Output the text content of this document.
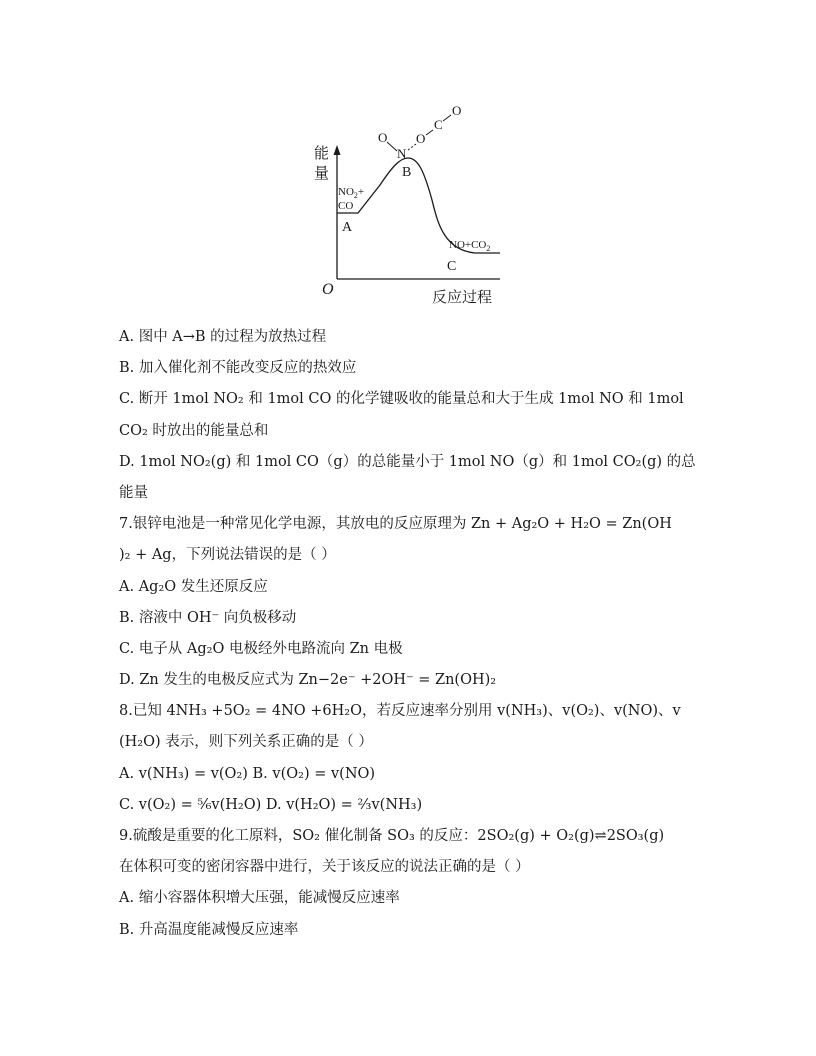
能
量
反应过程
O
$NO_2+$
CO
A
B
O
N
O
C
O
$NO+CO_2$
C
A. 图中 A→B 的过程为放热过程
B. 加入催化剂不能改变反应的热效应
C. 断开 1mol NO₂ 和 1mol CO 的化学键吸收的能量总和大于生成 1mol NO 和 1mol
CO₂ 时放出的能量总和
D. 1mol NO₂(g) 和 1mol CO（g）的总能量小于 1mol NO（g）和 1mol CO₂(g) 的总
能量
7.银锌电池是一种常见化学电源，其放电的反应原理为 Zn + Ag₂O + H₂O = Zn(OH
)₂ + Ag，下列说法错误的是（ ）
A. Ag₂O 发生还原反应
B. 溶液中 OH⁻ 向负极移动
C. 电子从 Ag₂O 电极经外电路流向 Zn 电极
D. Zn 发生的电极反应式为 Zn−2e⁻ +2OH⁻ = Zn(OH)₂
8.已知 4NH₃ +5O₂ = 4NO +6H₂O，若反应速率分别用 v(NH₃)、v(O₂)、v(NO)、v
(H₂O) 表示，则下列关系正确的是（ ）
A. v(NH₃) = v(O₂) B. v(O₂) = v(NO)
C. v(O₂) = ⁵⁄₆v(H₂O) D. v(H₂O) = ²⁄₃v(NH₃)
9.硫酸是重要的化工原料，SO₂ 催化制备 SO₃ 的反应：2SO₂(g) + O₂(g)⇌2SO₃(g)
在体积可变的密闭容器中进行，关于该反应的说法正确的是（ ）
A. 缩小容器体积增大压强，能减慢反应速率
B. 升高温度能减慢反应速率
